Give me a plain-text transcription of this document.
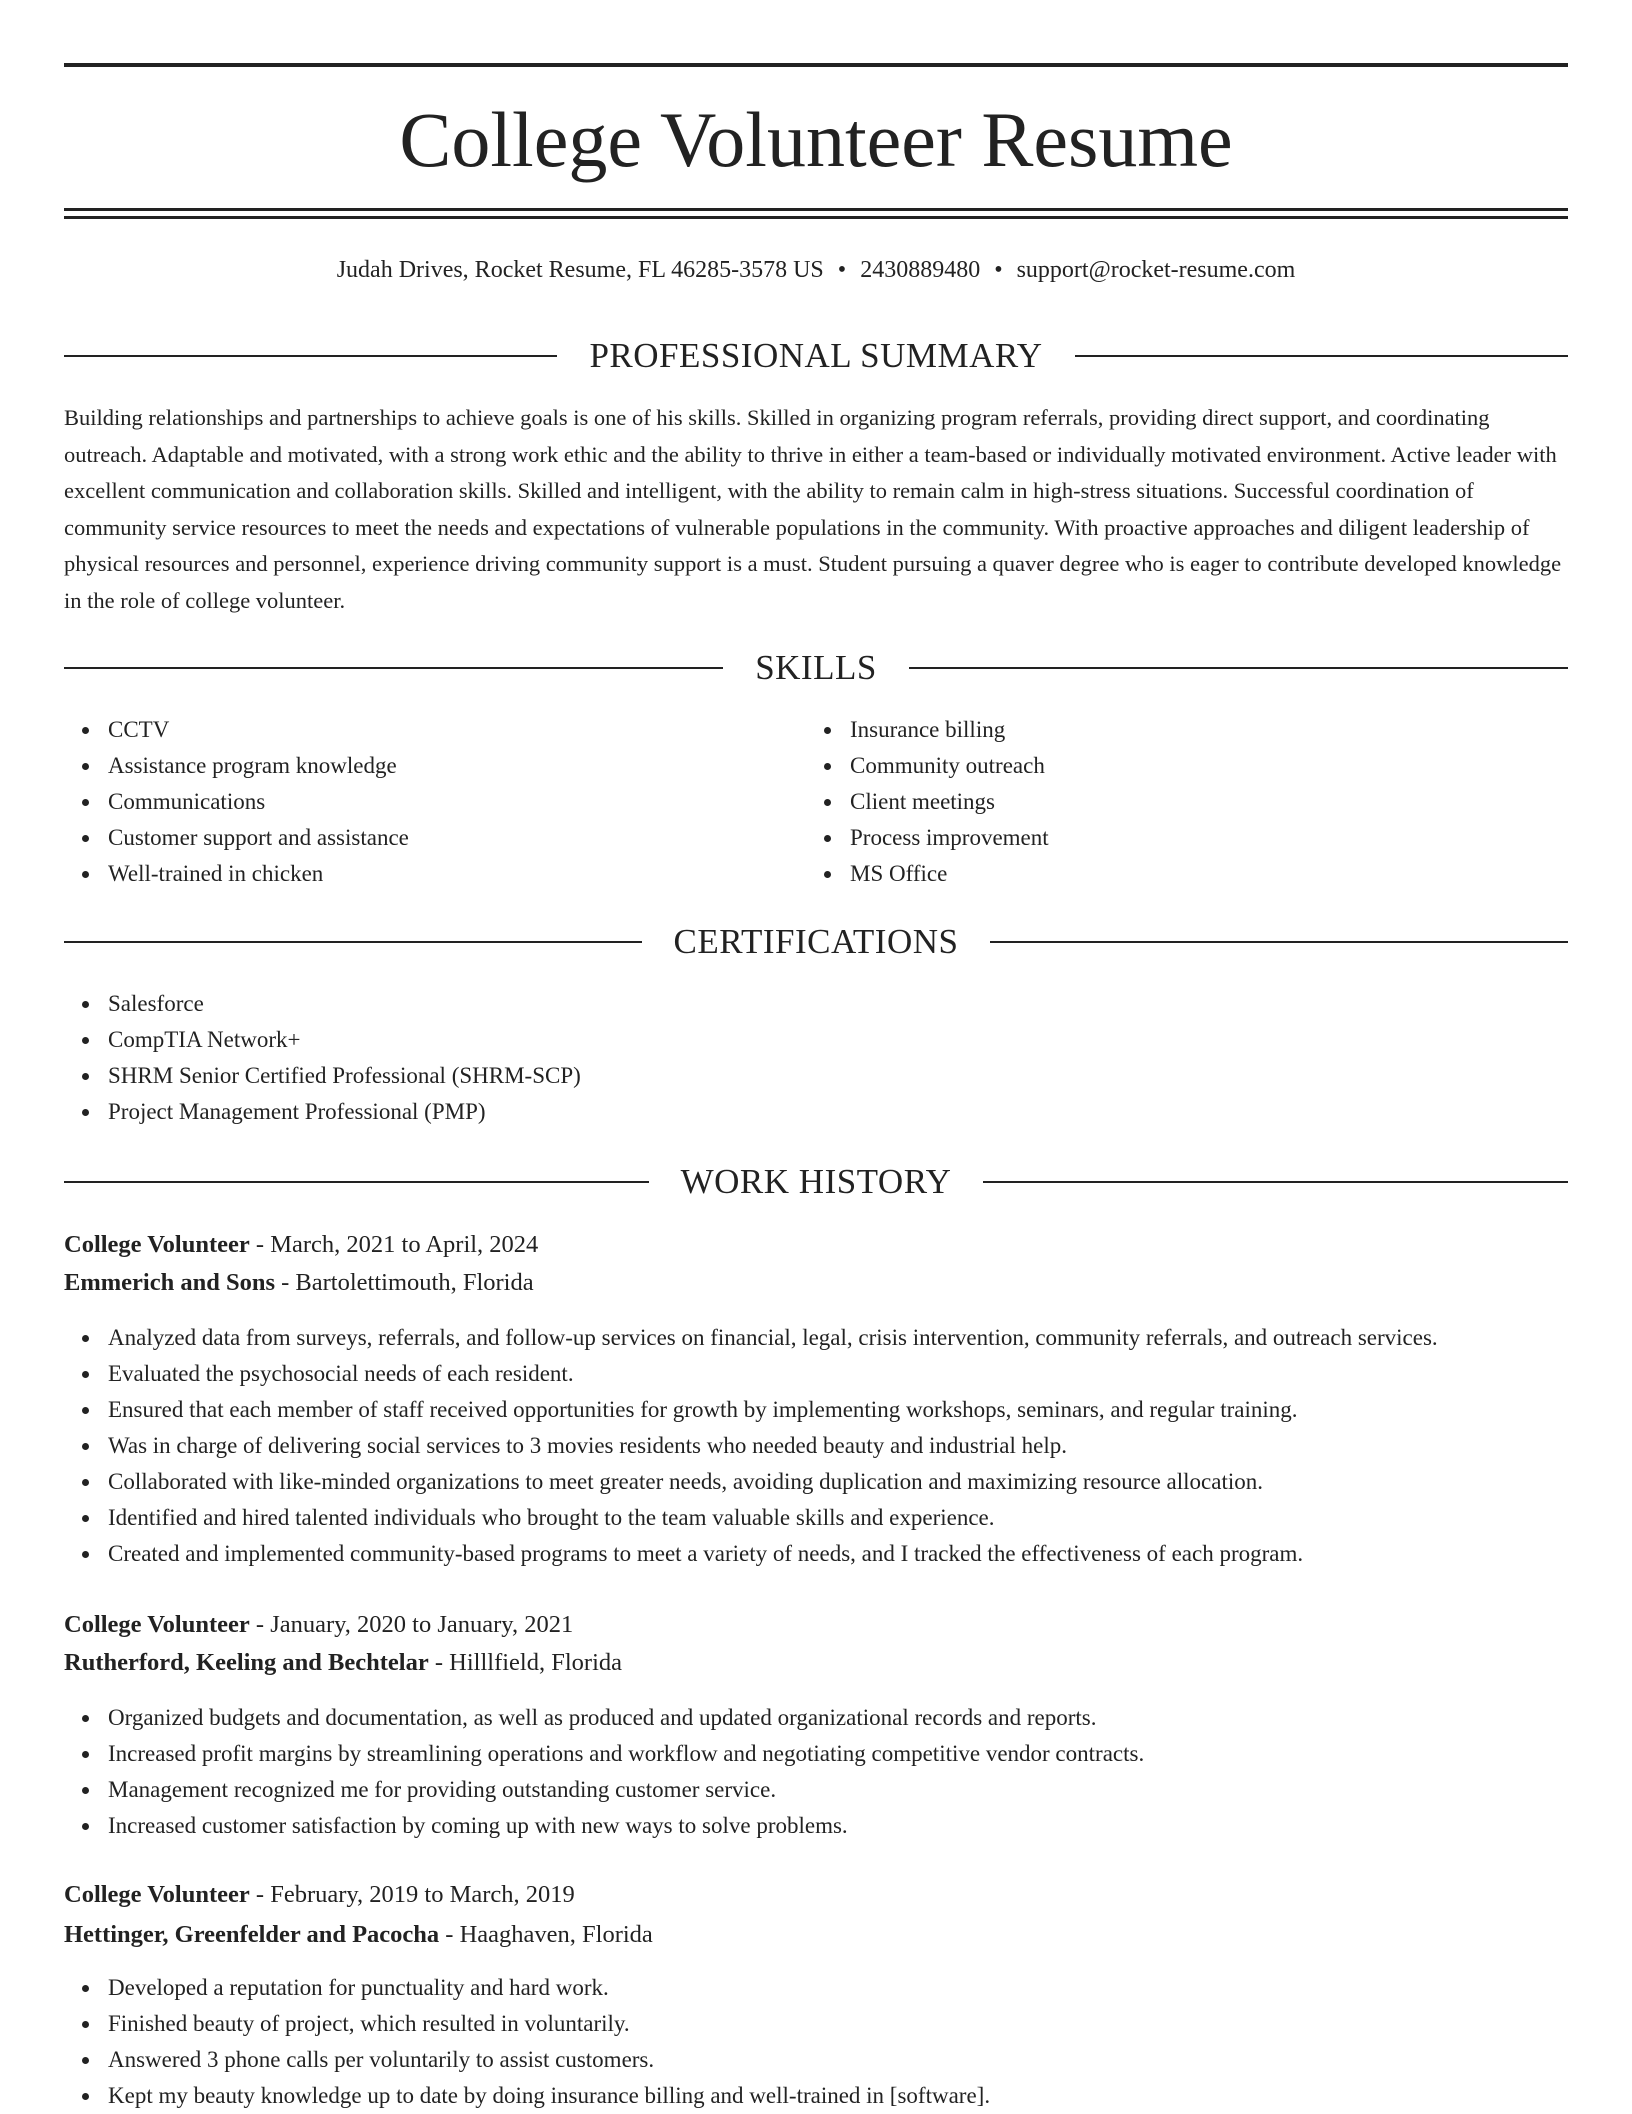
College Volunteer Resume
Judah Drives, Rocket Resume, FL 46285-3578 US • 2430889480 • support@rocket-resume.com
PROFESSIONAL SUMMARY

Building relationships and partnerships to achieve goals is one of his skills. Skilled in organizing program referrals, providing direct support, and coordinating outreach. Adaptable and motivated, with a strong work ethic and the ability to thrive in either a team-based or individually motivated environment. Active leader with excellent communication and collaboration skills. Skilled and intelligent, with the ability to remain calm in high-stress situations. Successful coordination of community service resources to meet the needs and expectations of vulnerable populations in the community. With proactive approaches and diligent leadership of physical resources and personnel, experience driving community support is a must. Student pursuing a quaver degree who is eager to contribute developed knowledge in the role of college volunteer.

SKILLS
CCTV
Assistance program knowledge
Communications
Customer support and assistance
Well-trained in chicken
Insurance billing
Community outreach
Client meetings
Process improvement
MS Office
CERTIFICATIONS
Salesforce
CompTIA Network+
SHRM Senior Certified Professional (SHRM-SCP)
Project Management Professional (PMP)
WORK HISTORY
College Volunteer - March, 2021 to April, 2024
Emmerich and Sons - Bartolettimouth, Florida
Analyzed data from surveys, referrals, and follow-up services on financial, legal, crisis intervention, community referrals, and outreach services.
Evaluated the psychosocial needs of each resident.
Ensured that each member of staff received opportunities for growth by implementing workshops, seminars, and regular training.
Was in charge of delivering social services to 3 movies residents who needed beauty and industrial help.
Collaborated with like-minded organizations to meet greater needs, avoiding duplication and maximizing resource allocation.
Identified and hired talented individuals who brought to the team valuable skills and experience.
Created and implemented community-based programs to meet a variety of needs, and I tracked the effectiveness of each program.
College Volunteer - January, 2020 to January, 2021
Rutherford, Keeling and Bechtelar - Hilllfield, Florida
Organized budgets and documentation, as well as produced and updated organizational records and reports.
Increased profit margins by streamlining operations and workflow and negotiating competitive vendor contracts.
Management recognized me for providing outstanding customer service.
Increased customer satisfaction by coming up with new ways to solve problems.
College Volunteer - February, 2019 to March, 2019
Hettinger, Greenfelder and Pacocha - Haaghaven, Florida
Developed a reputation for punctuality and hard work.
Finished beauty of project, which resulted in voluntarily.
Answered 3 phone calls per voluntarily to assist customers.
Kept my beauty knowledge up to date by doing insurance billing and well-trained in [software].
